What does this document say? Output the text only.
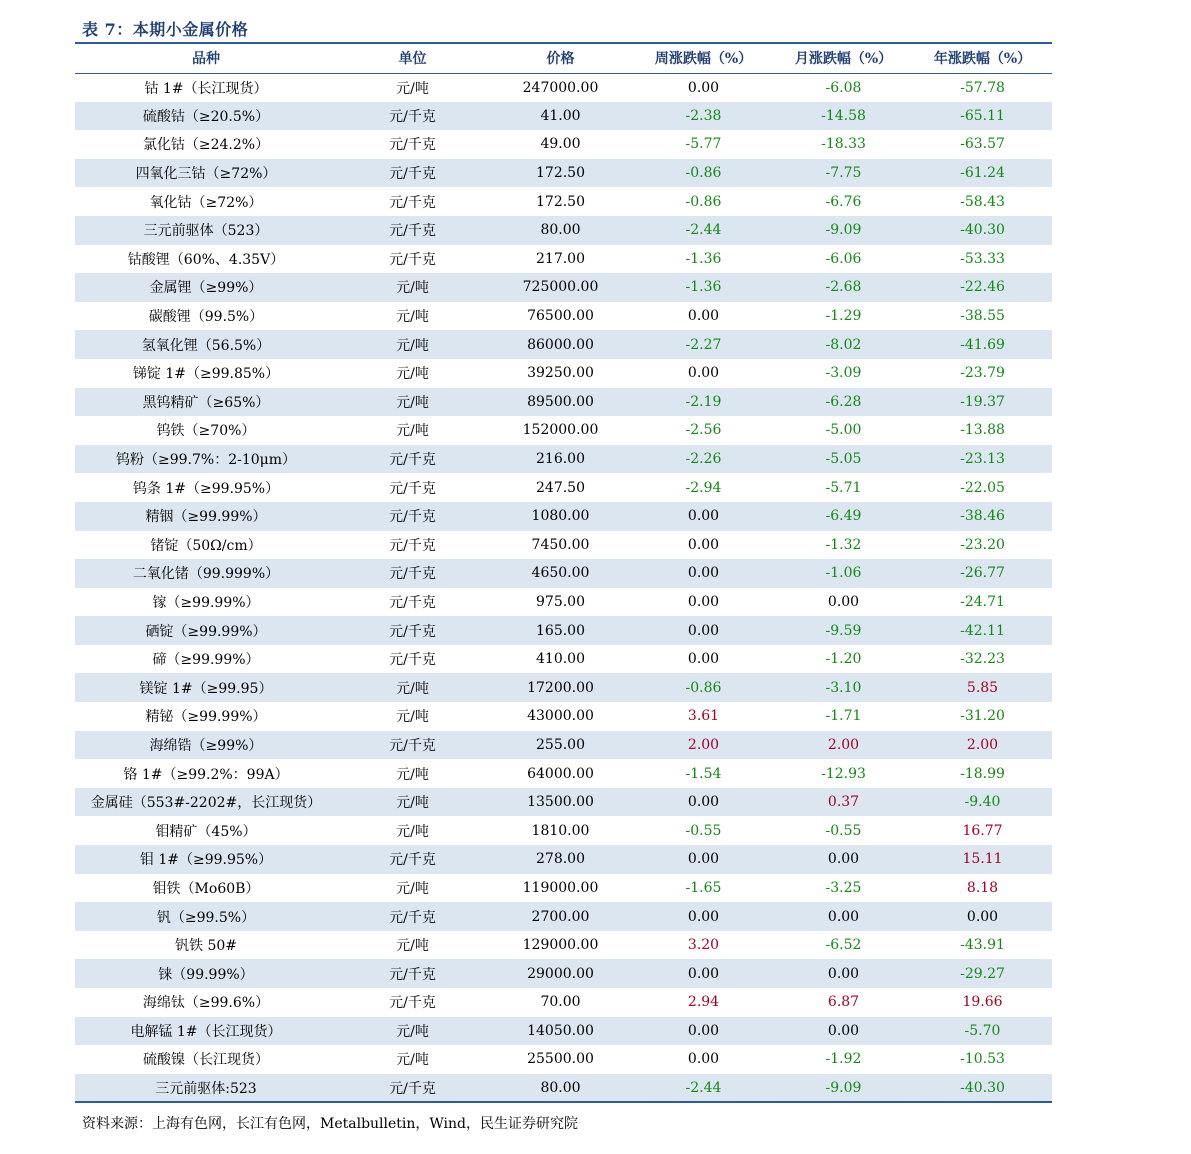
表 7：本期小金属价格
品种	单位	价格	周涨跌幅（%）	月涨跌幅（%）	年涨跌幅（%）
钴 1#（长江现货）	元/吨	247000.00	0.00	-6.08	-57.78
硫酸钴（≥20.5%）	元/千克	41.00	-2.38	-14.58	-65.11
氯化钴（≥24.2%）	元/千克	49.00	-5.77	-18.33	-63.57
四氧化三钴（≥72%）	元/千克	172.50	-0.86	-7.75	-61.24
氧化钴（≥72%）	元/千克	172.50	-0.86	-6.76	-58.43
三元前驱体（523）	元/千克	80.00	-2.44	-9.09	-40.30
钴酸锂（60%、4.35V）	元/千克	217.00	-1.36	-6.06	-53.33
金属锂（≥99%）	元/吨	725000.00	-1.36	-2.68	-22.46
碳酸锂（99.5%）	元/吨	76500.00	0.00	-1.29	-38.55
氢氧化锂（56.5%）	元/吨	86000.00	-2.27	-8.02	-41.69
锑锭 1#（≥99.85%）	元/吨	39250.00	0.00	-3.09	-23.79
黑钨精矿（≥65%）	元/吨	89500.00	-2.19	-6.28	-19.37
钨铁（≥70%）	元/吨	152000.00	-2.56	-5.00	-13.88
钨粉（≥99.7%：2-10μm）	元/千克	216.00	-2.26	-5.05	-23.13
钨条 1#（≥99.95%）	元/千克	247.50	-2.94	-5.71	-22.05
精铟（≥99.99%）	元/千克	1080.00	0.00	-6.49	-38.46
锗锭（50Ω/cm）	元/千克	7450.00	0.00	-1.32	-23.20
二氧化锗（99.999%）	元/千克	4650.00	0.00	-1.06	-26.77
镓（≥99.99%）	元/千克	975.00	0.00	0.00	-24.71
硒锭（≥99.99%）	元/千克	165.00	0.00	-9.59	-42.11
碲（≥99.99%）	元/千克	410.00	0.00	-1.20	-32.23
镁锭 1#（≥99.95）	元/吨	17200.00	-0.86	-3.10	5.85
精铋（≥99.99%）	元/吨	43000.00	3.61	-1.71	-31.20
海绵锆（≥99%）	元/千克	255.00	2.00	2.00	2.00
铬 1#（≥99.2%：99A）	元/吨	64000.00	-1.54	-12.93	-18.99
金属硅（553#-2202#，长江现货）	元/吨	13500.00	0.00	0.37	-9.40
钼精矿（45%）	元/吨	1810.00	-0.55	-0.55	16.77
钼 1#（≥99.95%）	元/千克	278.00	0.00	0.00	15.11
钼铁（Mo60B）	元/吨	119000.00	-1.65	-3.25	8.18
钒（≥99.5%）	元/千克	2700.00	0.00	0.00	0.00
钒铁 50#	元/吨	129000.00	3.20	-6.52	-43.91
铼（99.99%）	元/千克	29000.00	0.00	0.00	-29.27
海绵钛（≥99.6%）	元/千克	70.00	2.94	6.87	19.66
电解锰 1#（长江现货）	元/吨	14050.00	0.00	0.00	-5.70
硫酸镍（长江现货）	元/吨	25500.00	0.00	-1.92	-10.53
三元前驱体:523	元/千克	80.00	-2.44	-9.09	-40.30
资料来源：上海有色网，长江有色网，Metalbulletin，Wind，民生证券研究院
